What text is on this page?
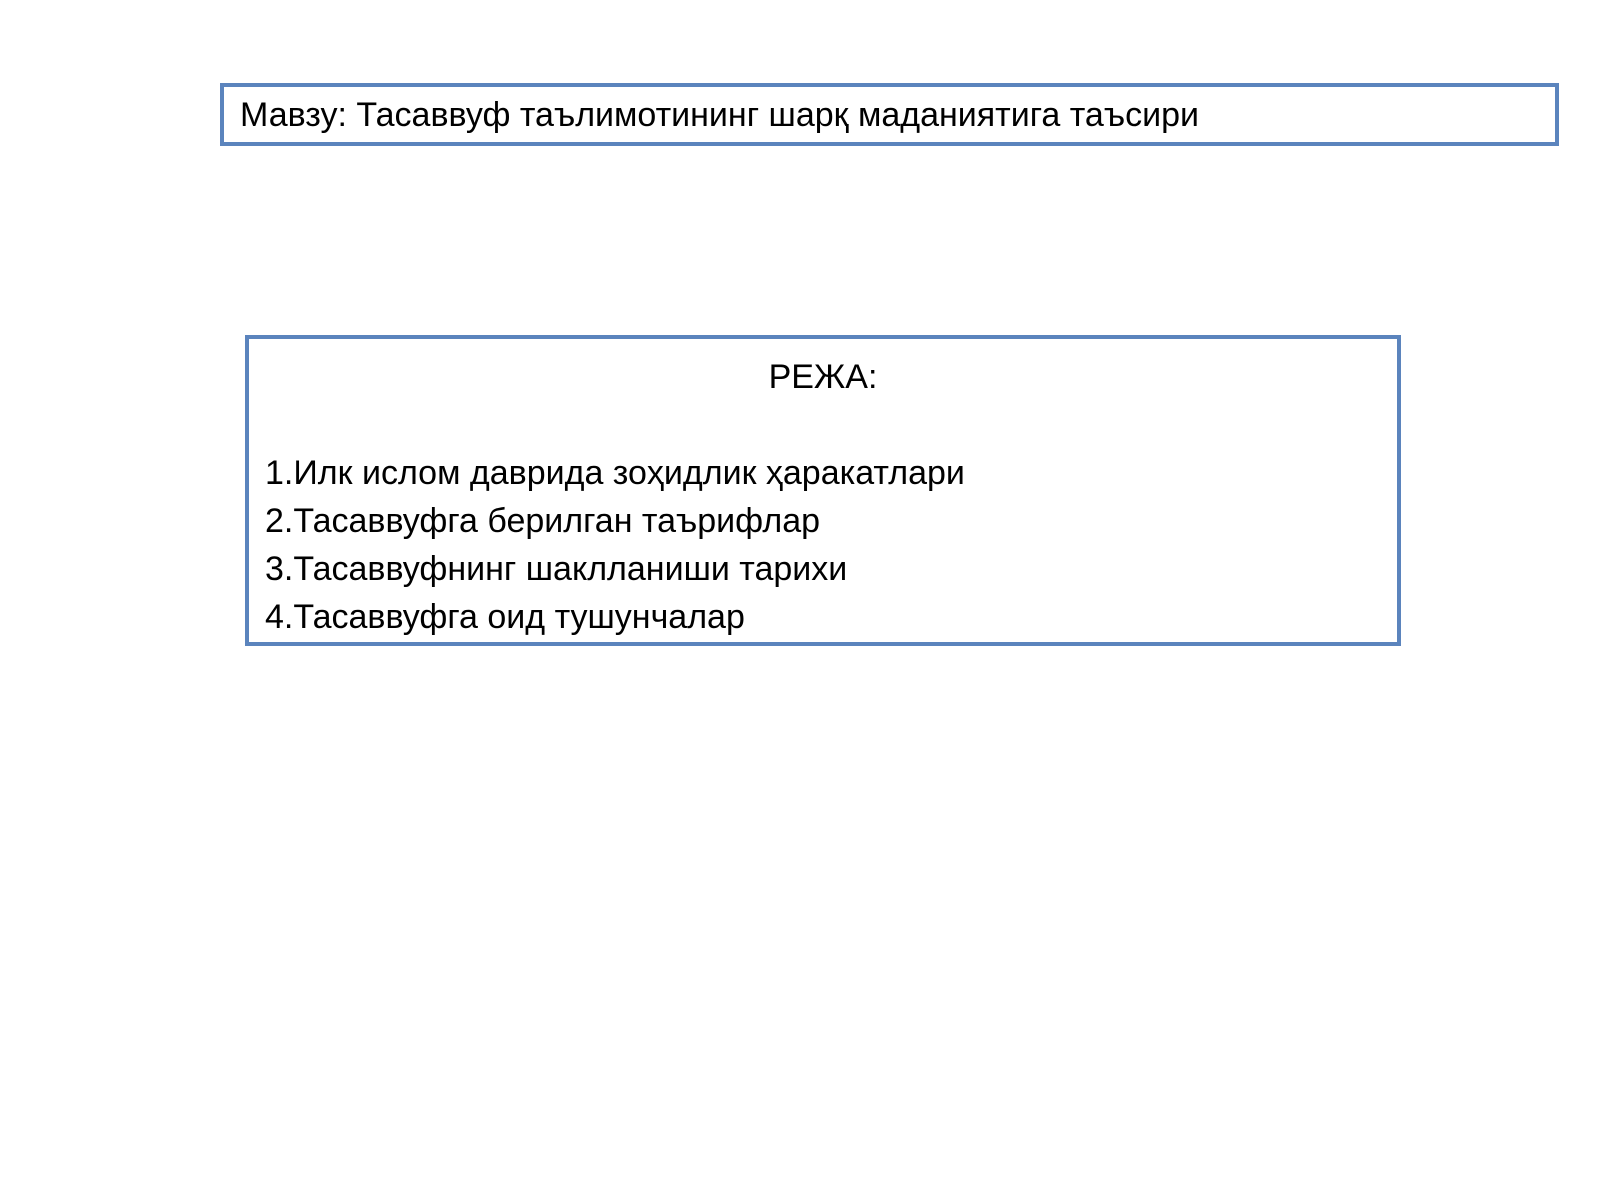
Мавзу: Тасаввуф таълимотининг шарқ маданиятига таъсири
РЕЖА:
1.Илк ислом даврида зоҳидлик ҳаракатлари
2.Тасаввуфга берилган таърифлар
3.Тасаввуфнинг шаклланиши тарихи
4.Тасаввуфга оид тушунчалар
